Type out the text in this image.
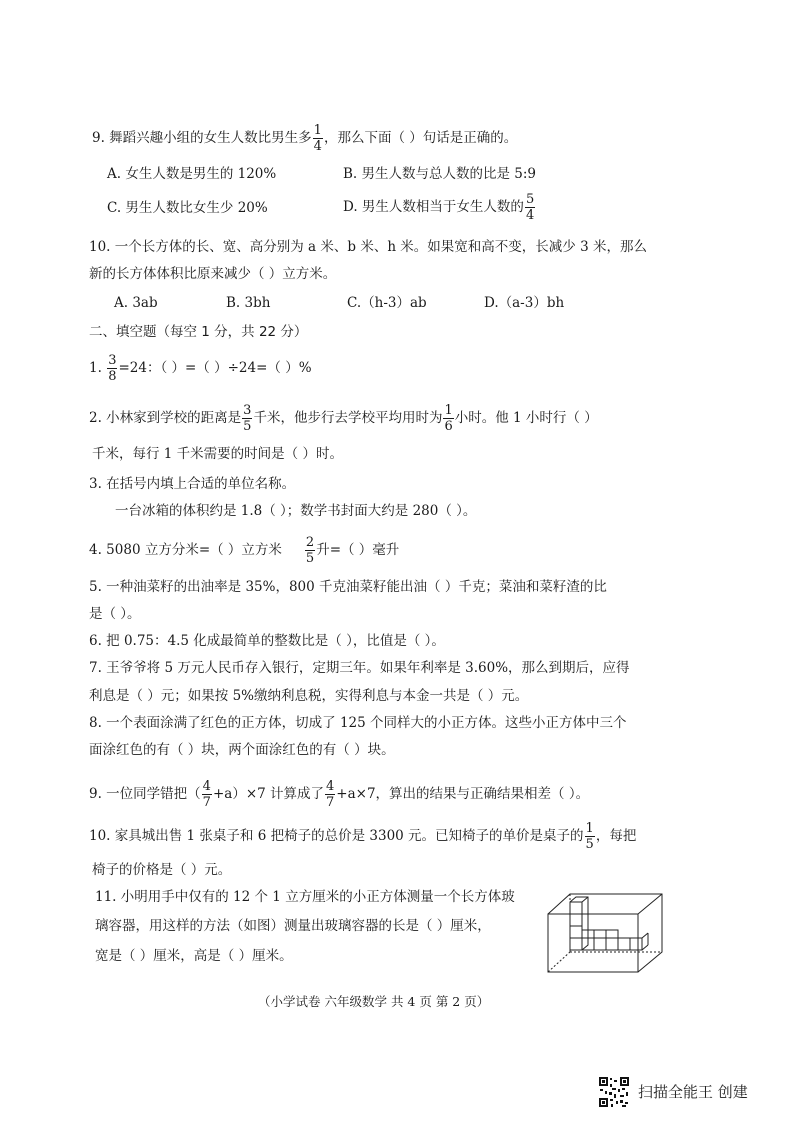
9. 舞蹈兴趣小组的女生人数比男生多 $\frac{1}{4}$ ，那么下面（ ）句话是正确的。
A. 女生人数是男生的 120%	B. 男生人数与总人数的比是 5:9
C. 男生人数比女生少 20%	D. 男生人数相当于女生人数的 $\frac{5}{4}$
10. 一个长方体的长、宽、高分别为 a 米、b 米、h 米。如果宽和高不变，长减少 3 米，那么
新的长方体体积比原来减少（ ）立方米。
A. 3ab	B. 3bh	C.（h-3）ab	D.（a-3）bh
二、填空题（每空 1 分，共 22 分）
1. $\frac{3}{8} =24$：（ ）=（ ）÷24=（ ）%
2. 小林家到学校的距离是 $\frac{3}{5}$ 千米，他步行去学校平均用时为 $\frac{1}{6}$ 小时。他 1 小时行（ ）
千米，每行 1 千米需要的时间是（ ）时。
3. 在括号内填上合适的单位名称。
一台冰箱的体积约是 1.8（ ）；数学书封面大约是 280（ ）。
4. 5080 立方分米=（ ）立方米 $\frac{2}{5}$ 升=（ ）毫升
5. 一种油菜籽的出油率是 35%，800 千克油菜籽能出油（ ）千克；菜油和菜籽渣的比
是（ ）。
6. 把 0.75：4.5 化成最简单的整数比是（ ），比值是（ ）。
7. 王爷爷将 5 万元人民币存入银行，定期三年。如果年利率是 3.60%，那么到期后，应得
利息是（ ）元；如果按 5%缴纳利息税，实得利息与本金一共是（ ）元。
8. 一个表面涂满了红色的正方体，切成了 125 个同样大的小正方体。这些小正方体中三个
面涂红色的有（ ）块，两个面涂红色的有（ ）块。
9. 一位同学错把（ $\frac{4}{7} +a)\times 7$ 计算成了 $\frac{4}{7} +a\times 7$，算出的结果与正确结果相差（ ）。
10. 家具城出售 1 张桌子和 6 把椅子的总价是 3300 元。已知椅子的单价是桌子的 $\frac{1}{5}$ ，每把
椅子的价格是（ ）元。
11. 小明用手中仅有的 12 个 1 立方厘米的小正方体测量一个长方体玻
璃容器，用这样的方法（如图）测量出玻璃容器的长是（ ）厘米，
宽是（ ）厘米，高是（ ）厘米。
（小学试卷 六年级数学 共 4 页 第 2 页）
扫描全能王 创建
